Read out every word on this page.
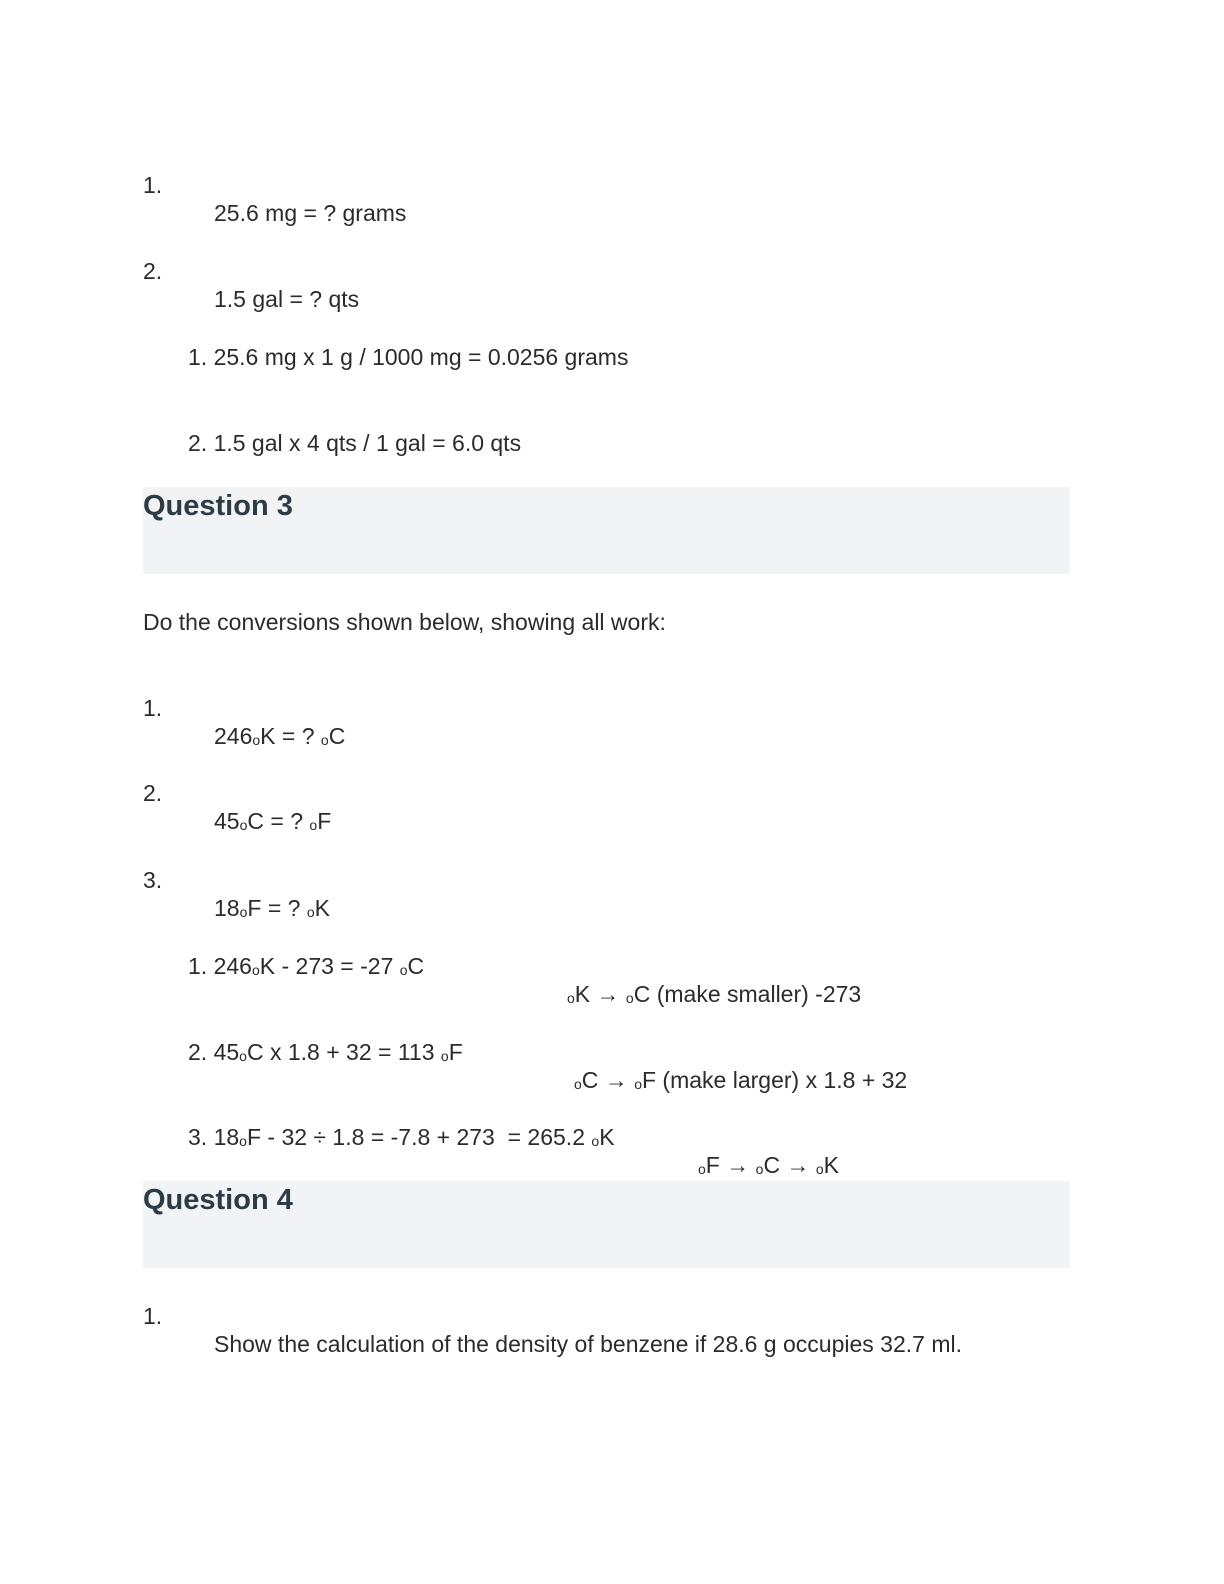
1.

25.6 mg = ? grams

2.

1.5 gal = ? qts

1. 25.6 mg x 1 g / 1000 mg = 0.0256 grams

2. 1.5 gal x 4 qts / 1 gal = 6.0 qts

Question 3

Do the conversions shown below, showing all work:

1.

246oK = ? oC

2.

45oC = ? oF

3.

18oF = ? oK

1. 246oK - 273 = -27 oC

oK → oC (make smaller) -273

2. 45oC x 1.8 + 32 = 113 oF

oC → oF (make larger) x 1.8 + 32

3. 18oF - 32 ÷ 1.8 = -7.8 + 273  = 265.2 oK

oF → oC → oK

Question 4

1.

Show the calculation of the density of benzene if 28.6 g occupies 32.7 ml.
